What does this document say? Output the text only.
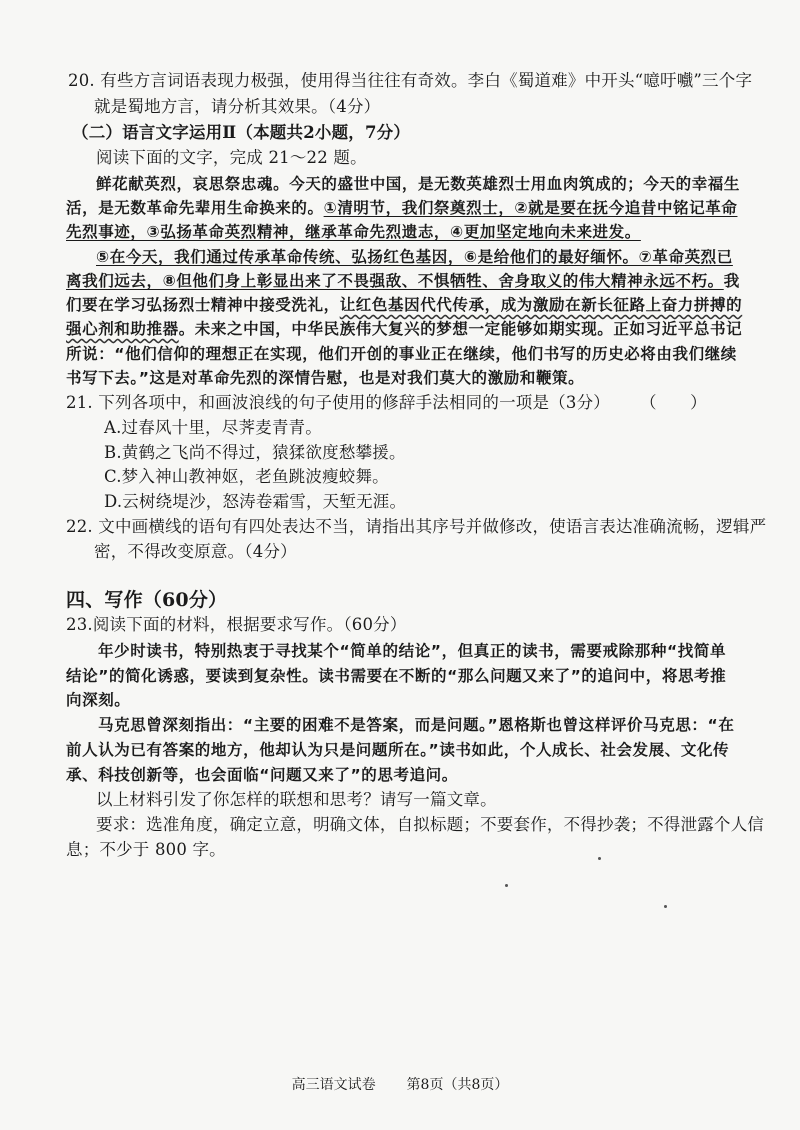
20. 有些方言词语表现力极强，使用得当往往有奇效。李白《蜀道难》中开头“噫吁嚱”三个字
就是蜀地方言，请分析其效果。（4分）
（二）语言文字运用Ⅱ（本题共2小题，7分）
阅读下面的文字，完成 21～22 题。
鲜花献英烈，哀思祭忠魂。今天的盛世中国，是无数英雄烈士用血肉筑成的；今天的幸福生
活，是无数革命先辈用生命换来的。①清明节，我们祭奠烈士，②就是要在抚今追昔中铭记革命
先烈事迹，③弘扬革命英烈精神，继承革命先烈遗志，④更加坚定地向未来进发。
⑤在今天，我们通过传承革命传统、弘扬红色基因，⑥是给他们的最好缅怀。⑦革命英烈已
离我们远去，⑧但他们身上彰显出来了不畏强敌、不惧牺牲、舍身取义的伟大精神永远不朽。我
们要在学习弘扬烈士精神中接受洗礼，让红色基因代代传承，成为激励在新长征路上奋力拼搏的
强心剂和助推器。未来之中国，中华民族伟大复兴的梦想一定能够如期实现。正如习近平总书记
所说：“他们信仰的理想正在实现，他们开创的事业正在继续，他们书写的历史必将由我们继续
书写下去。”这是对革命先烈的深情告慰，也是对我们莫大的激励和鞭策。
21. 下列各项中，和画波浪线的句子使用的修辞手法相同的一项是（3分） （　　）
A.过春风十里，尽荠麦青青。
B.黄鹤之飞尚不得过，猿猱欲度愁攀援。
C.梦入神山教神妪，老鱼跳波瘦蛟舞。
D.云树绕堤沙，怒涛卷霜雪，天堑无涯。
22. 文中画横线的语句有四处表达不当，请指出其序号并做修改，使语言表达准确流畅，逻辑严
密，不得改变原意。（4分）
四、写作（60分）
23.阅读下面的材料，根据要求写作。（60分）
年少时读书，特别热衷于寻找某个“简单的结论”，但真正的读书，需要戒除那种“找简单
结论”的简化诱惑，要读到复杂性。读书需要在不断的“那么问题又来了”的追问中，将思考推
向深刻。
马克思曾深刻指出：“主要的困难不是答案，而是问题。”恩格斯也曾这样评价马克思：“在
前人认为已有答案的地方，他却认为只是问题所在。”读书如此，个人成长、社会发展、文化传
承、科技创新等，也会面临“问题又来了”的思考追问。
以上材料引发了你怎样的联想和思考？请写一篇文章。
要求：选准角度，确定立意，明确文体，自拟标题；不要套作，不得抄袭；不得泄露个人信
息；不少于 800 字。
高三语文试卷 第8页（共8页）
